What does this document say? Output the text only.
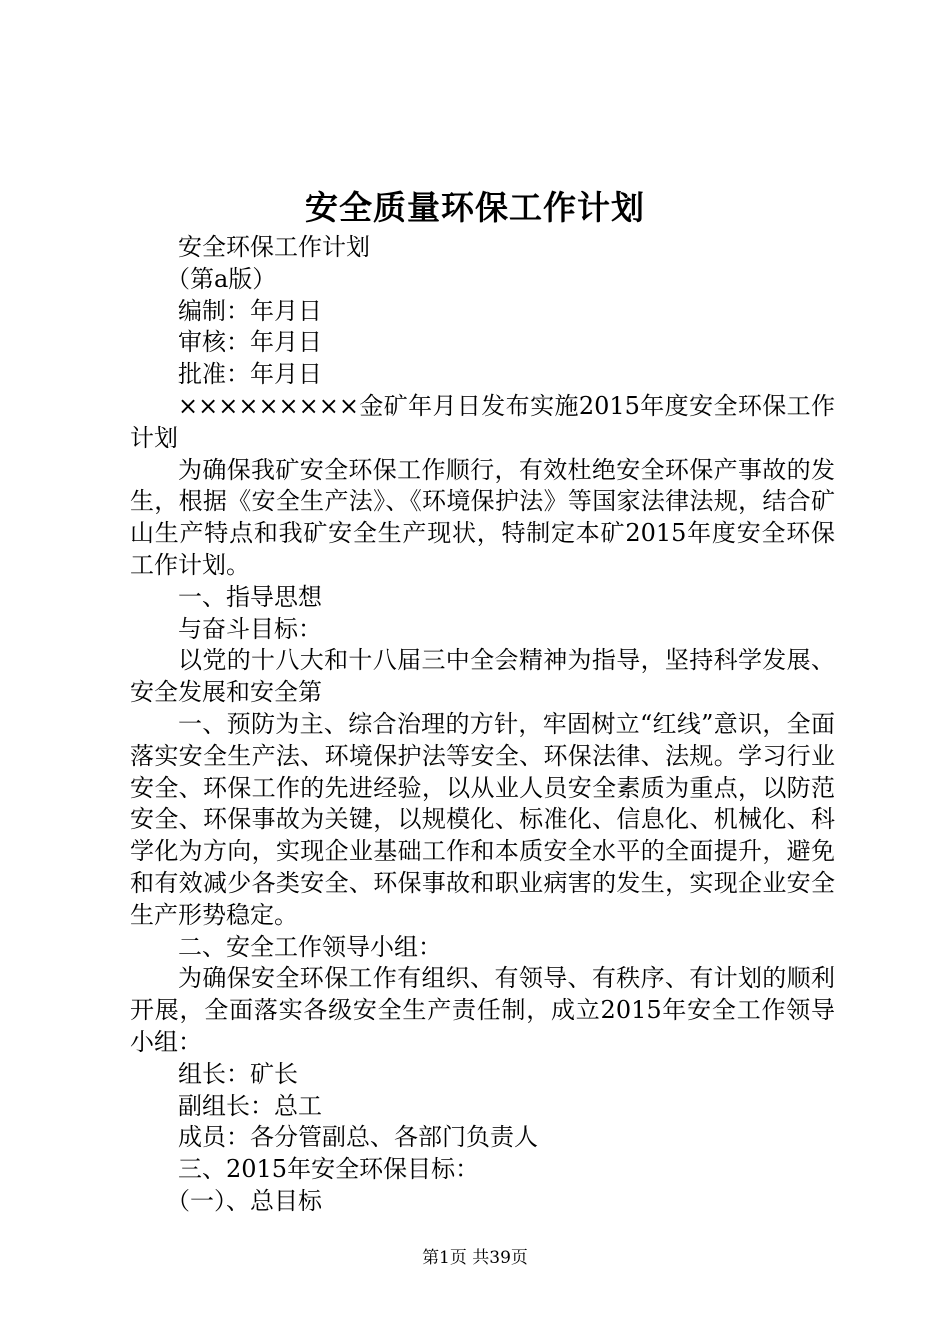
安全质量环保工作计划

安全环保工作计划

（第a版）

编制：年月日

审核：年月日

批准：年月日

×××××××××金矿年月日发布实施2015年度安全环保工作计划

为确保我矿安全环保工作顺行，有效杜绝安全环保产事故的发生，根据《安全生产法》、《环境保护法》等国家法律法规，结合矿山生产特点和我矿安全生产现状，特制定本矿2015年度安全环保工作计划。

一、指导思想

与奋斗目标：

以党的十八大和十八届三中全会精神为指导，坚持科学发展、安全发展和安全第

一、预防为主、综合治理的方针，牢固树立“红线”意识，全面落实安全生产法、环境保护法等安全、环保法律、法规。学习行业安全、环保工作的先进经验，以从业人员安全素质为重点，以防范安全、环保事故为关键，以规模化、标准化、信息化、机械化、科学化为方向，实现企业基础工作和本质安全水平的全面提升，避免和有效减少各类安全、环保事故和职业病害的发生，实现企业安全生产形势稳定。

二、安全工作领导小组：

为确保安全环保工作有组织、有领导、有秩序、有计划的顺利开展，全面落实各级安全生产责任制，成立2015年安全工作领导小组：

组长：矿长

副组长：总工

成员：各分管副总、各部门负责人

三、2015年安全环保目标：

（一）、总目标

第1页 共39页
